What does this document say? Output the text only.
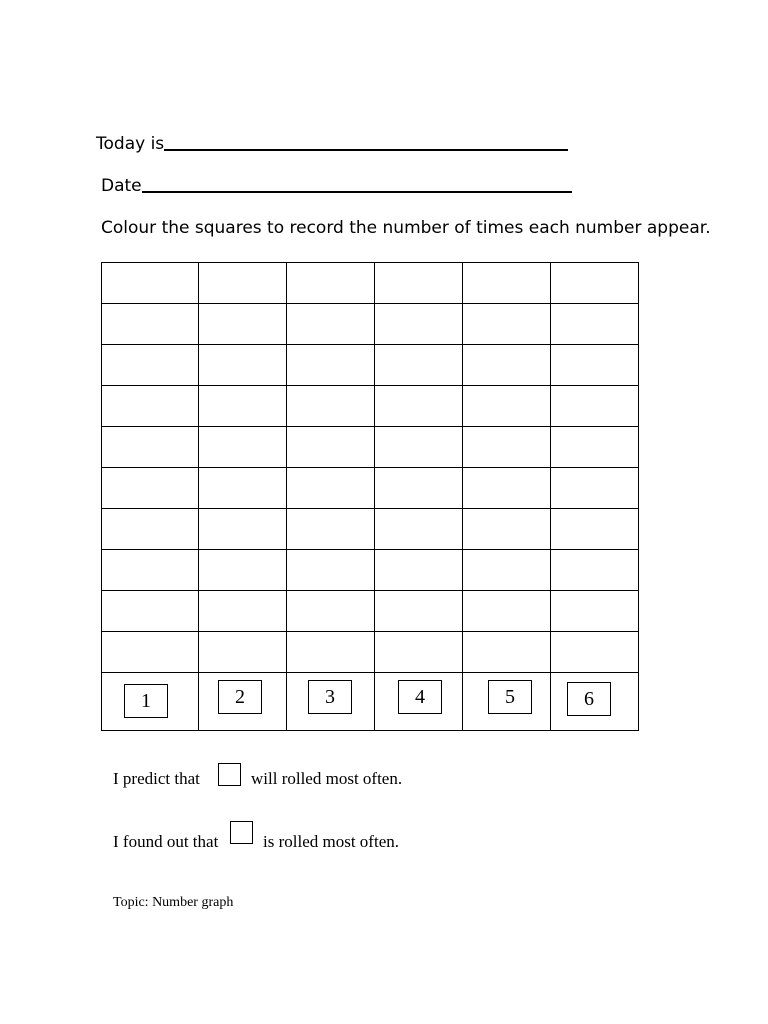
Today is
Date
Colour the squares to record the number of times each number appear.

1	2	3	4	5	6
I predict that	will rolled most often.
I found out that	is rolled most often.
Topic: Number graph
